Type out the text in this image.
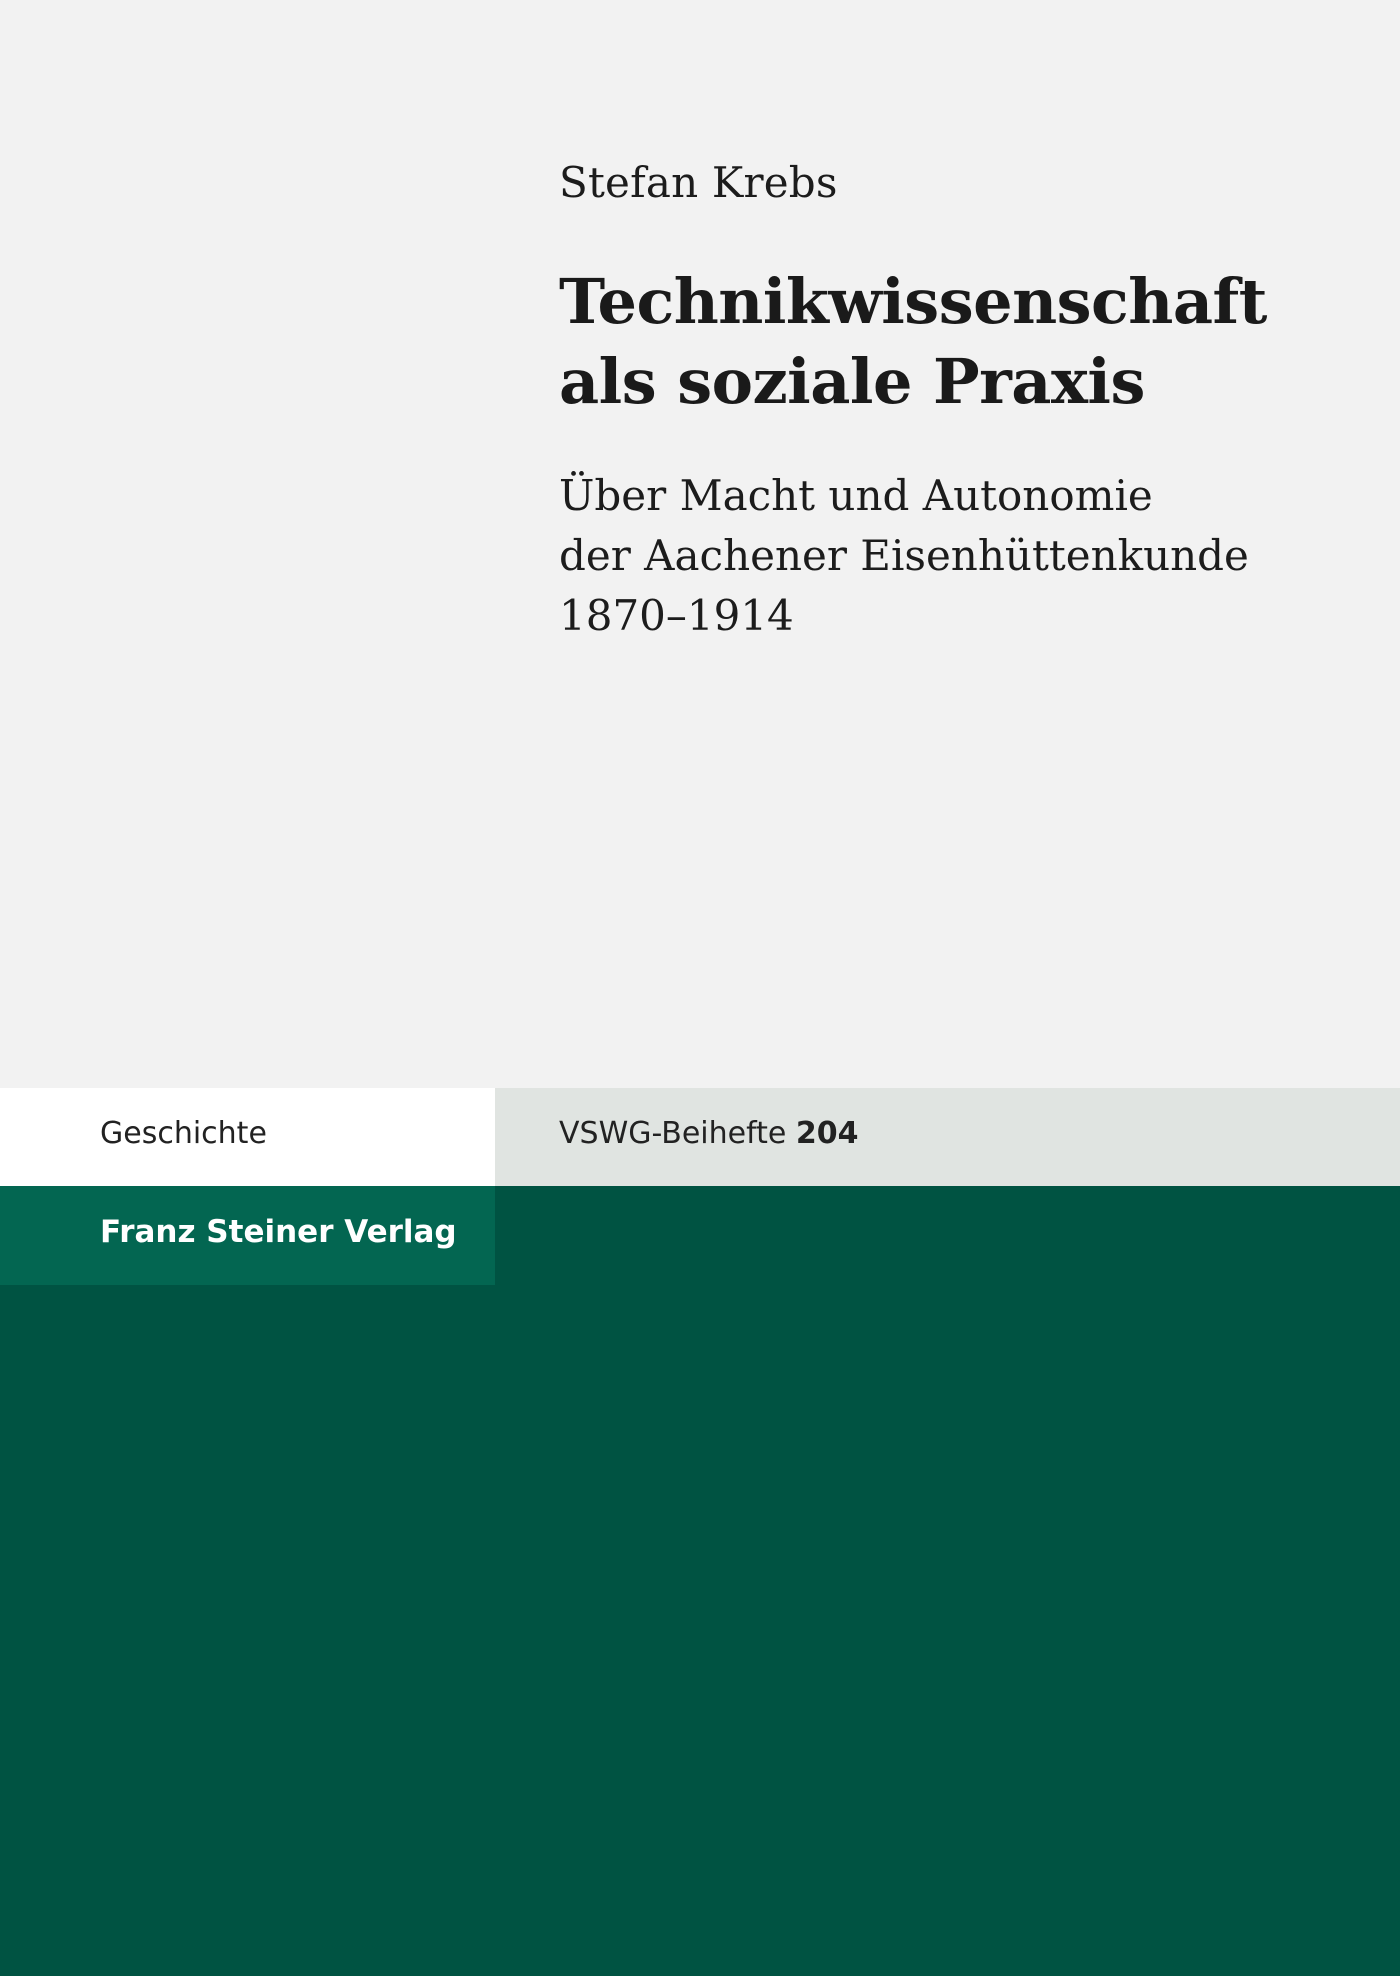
Stefan Krebs
Technikwissenschaft
als soziale Praxis
Über Macht und Autonomie
der Aachener Eisenhüttenkunde
1870–1914
Geschichte	VSWG-Beihefte 204
Franz Steiner Verlag
